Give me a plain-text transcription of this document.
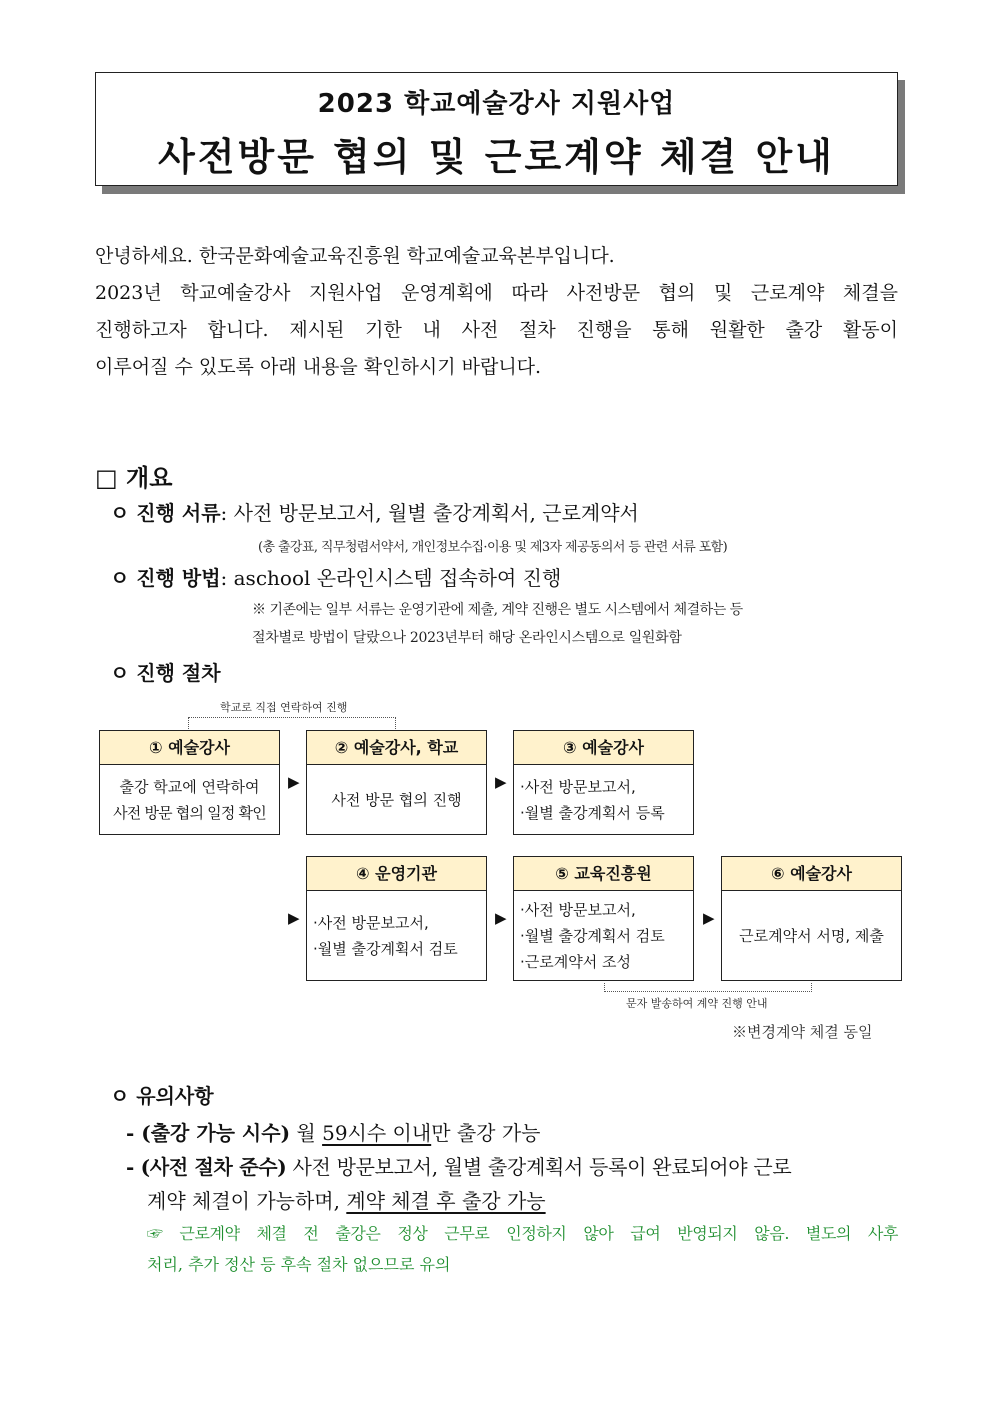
2023 학교예술강사 지원사업
사전방문 협의 및 근로계약 체결 안내

안녕하세요. 한국문화예술교육진흥원 학교예술교육본부입니다.

2023년 학교예술강사 지원사업 운영계획에 따라 사전방문 협의 및 근로계약 체결을

진행하고자 합니다. 제시된 기한 내 사전 절차 진행을 통해 원활한 출강 활동이

이루어질 수 있도록 아래 내용을 확인하시기 바랍니다.

□ 개요
ㅇ 진행 서류: 사전 방문보고서, 월별 출강계획서, 근로계약서
(총 출강표, 직무청렴서약서, 개인정보수집·이용 및 제3자 제공동의서 등 관련 서류 포함)
ㅇ 진행 방법: aschool 온라인시스템 접속하여 진행
※ 기존에는 일부 서류는 운영기관에 제출, 계약 진행은 별도 시스템에서 체결하는 등
절차별로 방법이 달랐으나 2023년부터 해당 온라인시스템으로 일원화함
ㅇ 진행 절차
학교로 직접 연락하여 진행
① 예술강사
출강 학교에 연락하여
사전 방문 협의 일정 확인
▶
② 예술강사, 학교
사전 방문 협의 진행
▶
③ 예술강사
·사전 방문보고서,
·월별 출강계획서 등록
▶
④ 운영기관
·사전 방문보고서,
·월별 출강계획서 검토
▶
⑤ 교육진흥원
·사전 방문보고서,
·월별 출강계획서 검토
·근로계약서 조성
▶
⑥ 예술강사
근로계약서 서명, 제출
문자 발송하여 계약 진행 안내
※변경계약 체결 동일
ㅇ 유의사항
- (출강 가능 시수) 월 59시수 이내만 출강 가능
- (사전 절차 준수) 사전 방문보고서, 월별 출강계획서 등록이 완료되어야 근로
계약 체결이 가능하며, 계약 체결 후 출강 가능
☞ 근로계약 체결 전 출강은 정상 근무로 인정하지 않아 급여 반영되지 않음. 별도의 사후
처리, 추가 정산 등 후속 절차 없으므로 유의
